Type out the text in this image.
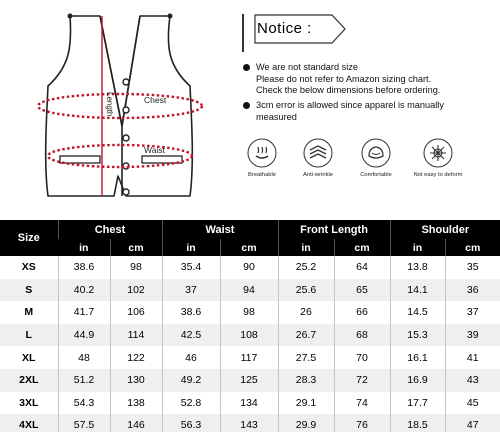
Chest
Waist
Length
Notice :
We are not standard size
Please do not refer to Amazon sizing chart.
Check the below dimensions before ordering.
3cm error is allowed since apparel is manually measured
Breathable	Anti-wrinkle	Comfortable	Not easy to deform
Size	Chest		Waist		Front Length		Shoulder	
	in	cm	in	cm	in	cm	in	cm
XS	38.6	98	35.4	90	25.2	64	13.8	35
S	40.2	102	37	94	25.6	65	14.1	36
M	41.7	106	38.6	98	26	66	14.5	37
L	44.9	114	42.5	108	26.7	68	15.3	39
XL	48	122	46	117	27.5	70	16.1	41
2XL	51.2	130	49.2	125	28.3	72	16.9	43
3XL	54.3	138	52.8	134	29.1	74	17.7	45
4XL	57.5	146	56.3	143	29.9	76	18.5	47
